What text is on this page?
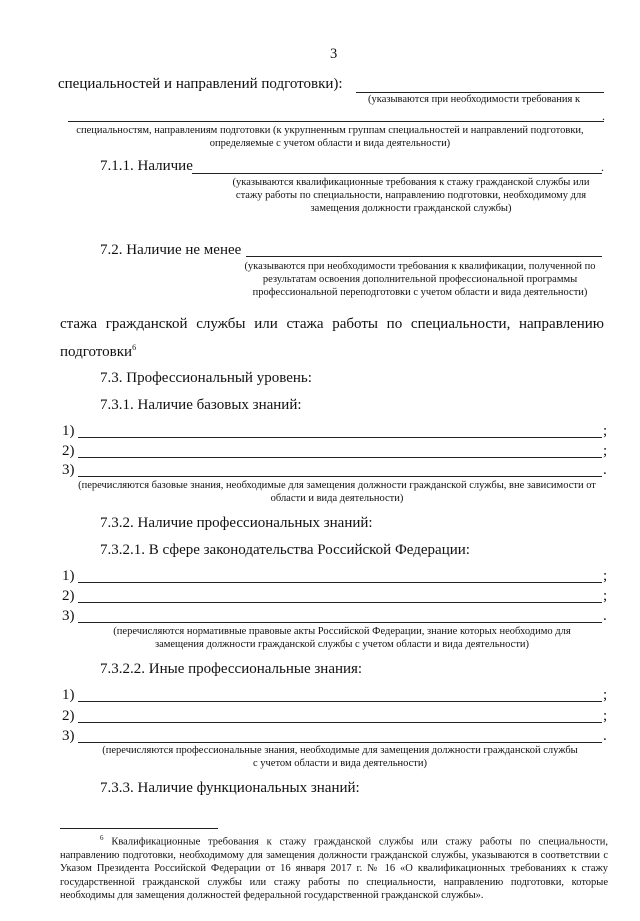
3
специальностей и направлений подготовки):
(указываются при необходимости требования к
.
специальностям, направлениям подготовки (к укрупненным группам специальностей и направлений подготовки, определяемые с учетом области и вида деятельности)
7.1.1. Наличие	.
(указываются квалификационные требования к стажу гражданской службы или стажу работы по специальности, направлению подготовки, необходимому для замещения должности гражданской службы)
7.2. Наличие не менее
(указываются при необходимости требования к квалификации, полученной по результатам освоения дополнительной профессиональной программы профессиональной переподготовки с учетом области и вида деятельности)
стажа гражданской службы или стажа работы по специальности, направлению
подготовки$^6$
7.3. Профессиональный уровень:
7.3.1. Наличие базовых знаний:
1)	;
2)	;
3)	.
(перечисляются базовые знания, необходимые для замещения должности гражданской службы, вне зависимости от области и вида деятельности)
7.3.2. Наличие профессиональных знаний:
7.3.2.1. В сфере законодательства Российской Федерации:
1)	;
2)	;
3)	.
(перечисляются нормативные правовые акты Российской Федерации, знание которых необходимо для замещения должности гражданской службы с учетом области и вида деятельности)
7.3.2.2. Иные профессиональные знания:
1)	;
2)	;
3)	.
(перечисляются профессиональные знания, необходимые для замещения должности гражданской службы с учетом области и вида деятельности)
7.3.3. Наличие функциональных знаний:
$^6$ Квалификационные требования к стажу гражданской службы или стажу работы по специальности, направлению подготовки, необходимому для замещения должности гражданской службы, указываются в соответствии с Указом Президента Российской Федерации от 16 января 2017 г. № 16 «О квалификационных требованиях к стажу государственной гражданской службы или стажу работы по специальности, направлению подготовки, которые необходимы для замещения должностей федеральной государственной гражданской службы».
